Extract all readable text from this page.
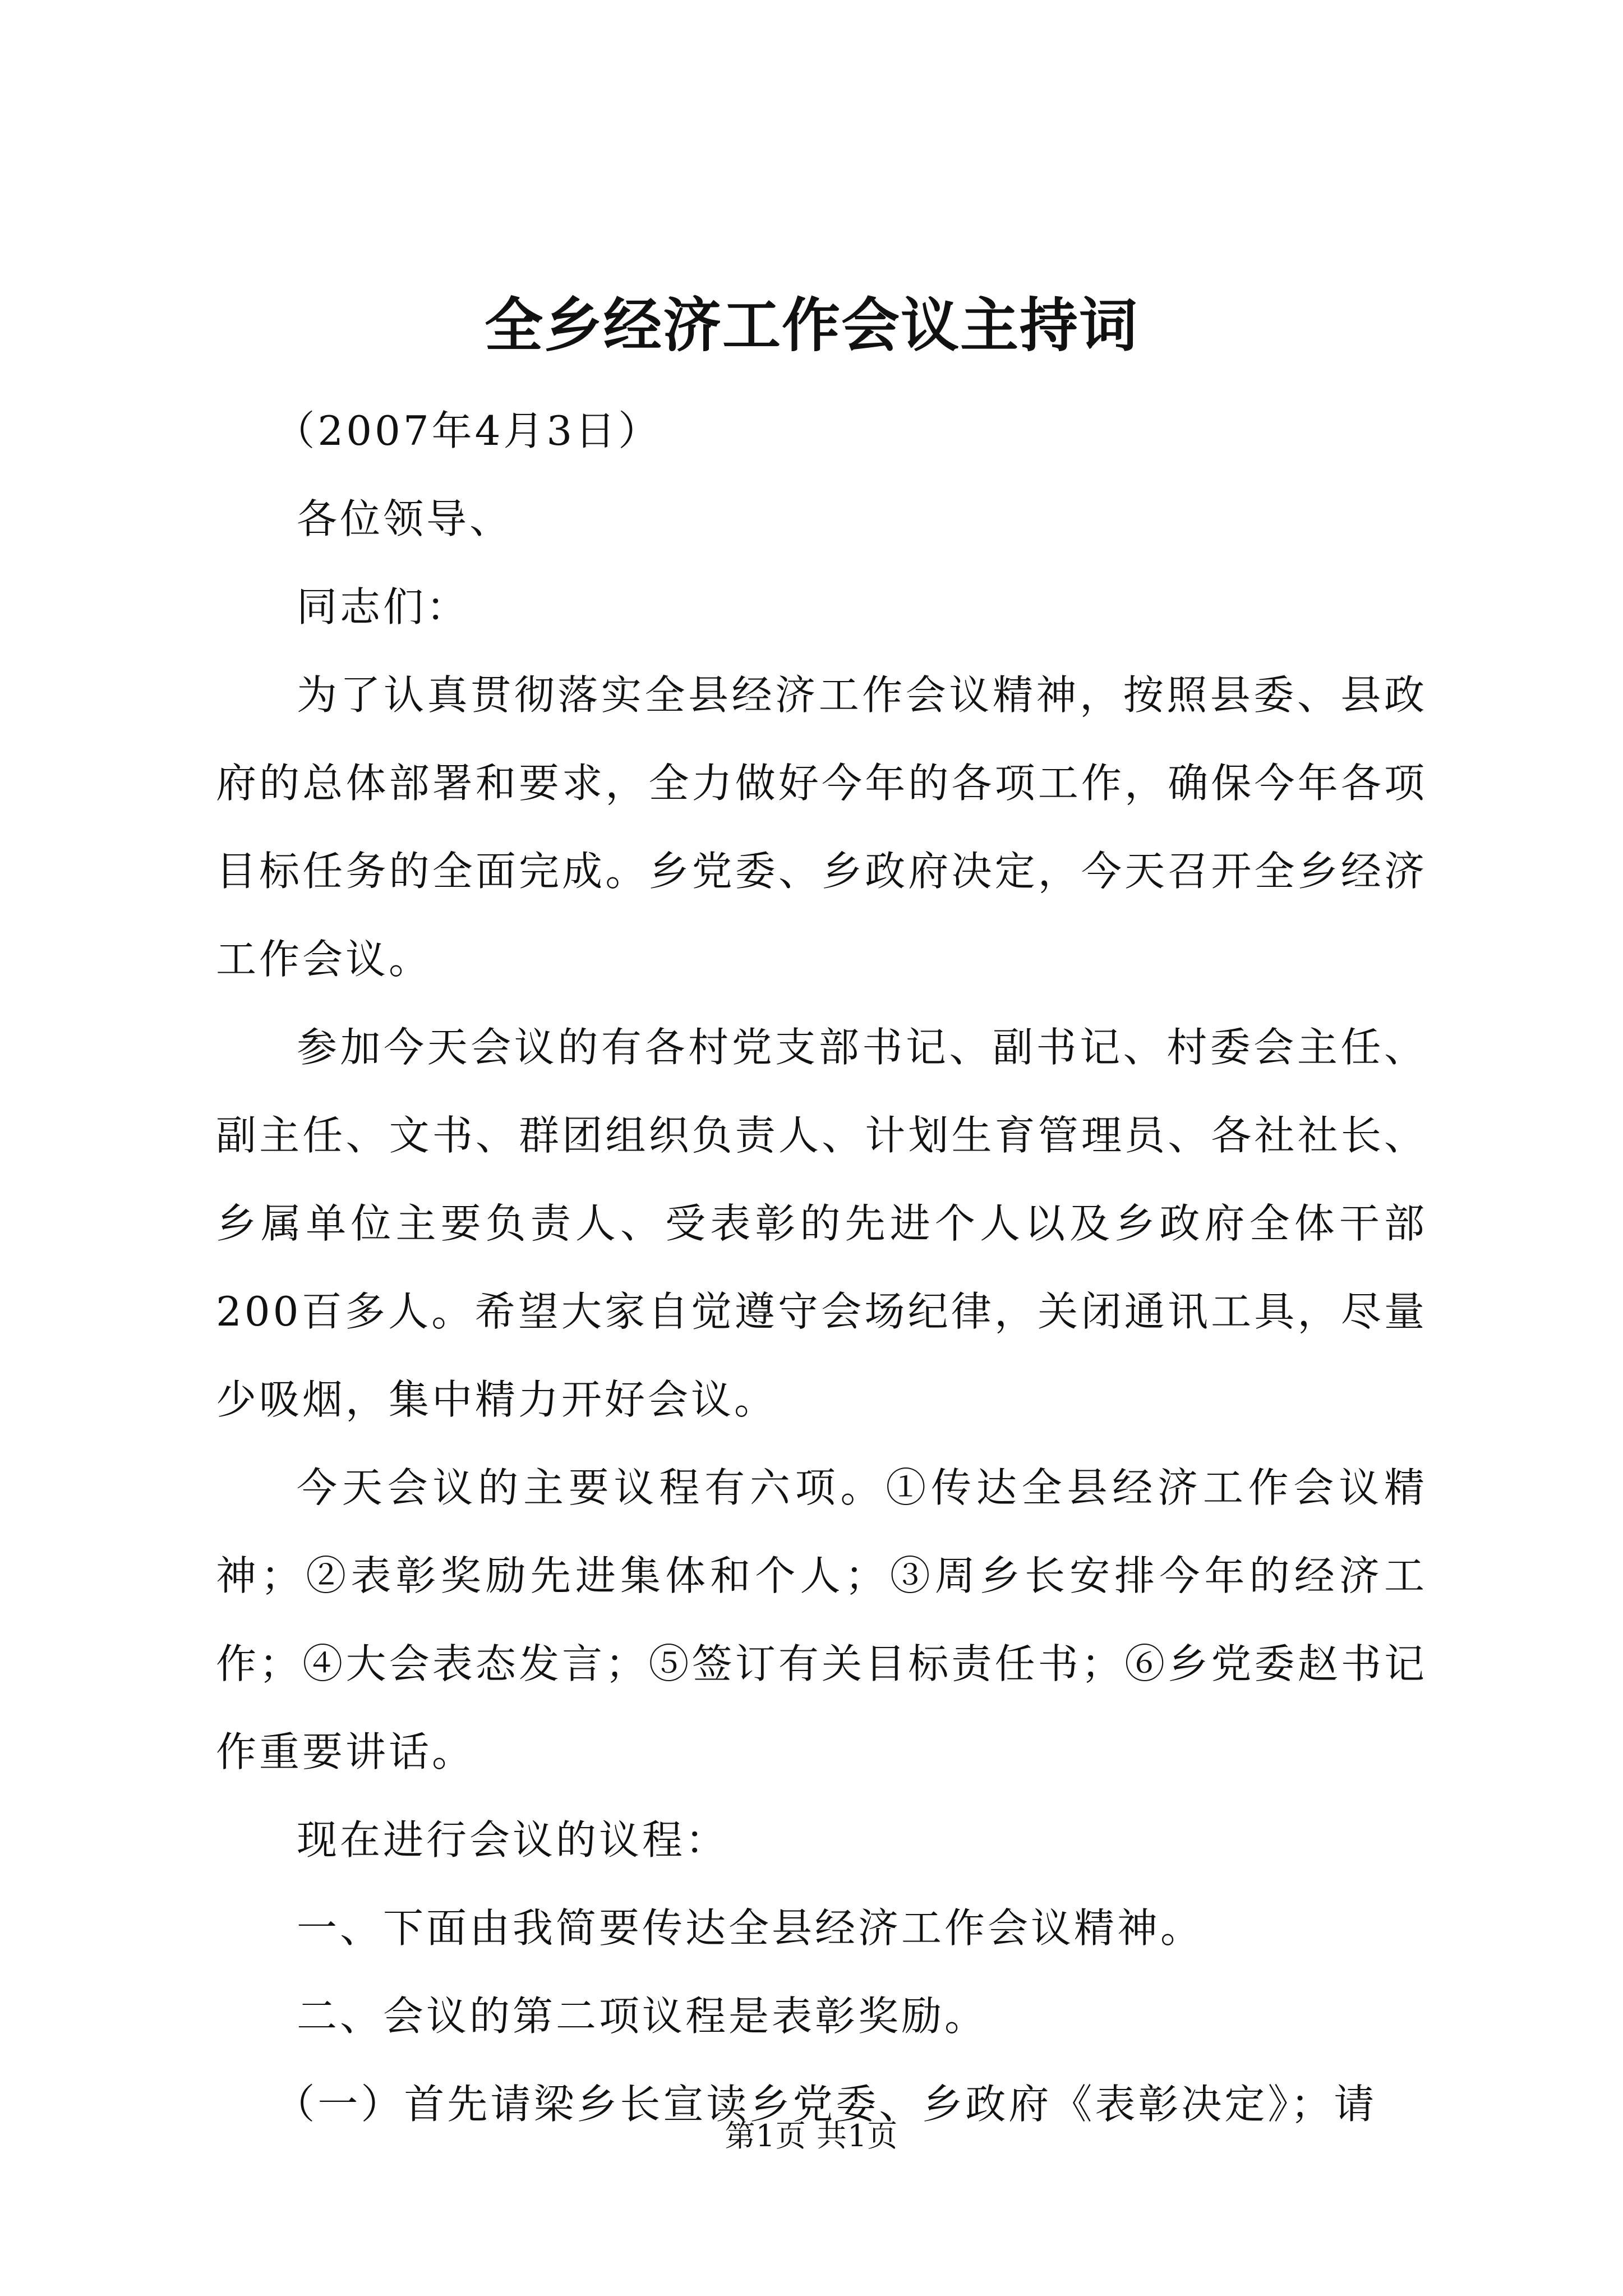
全乡经济工作会议主持词

（2007年4月3日）

各位领导、

同志们：

为了认真贯彻落实全县经济工作会议精神，按照县委、县政府的总体部署和要求，全力做好今年的各项工作，确保今年各项目标任务的全面完成。乡党委、乡政府决定，今天召开全乡经济工作会议。

参加今天会议的有各村党支部书记、副书记、村委会主任、副主任、文书、群团组织负责人、计划生育管理员、各社社长、乡属单位主要负责人、受表彰的先进个人以及乡政府全体干部200百多人。希望大家自觉遵守会场纪律，关闭通讯工具，尽量少吸烟，集中精力开好会议。

今天会议的主要议程有六项。①传达全县经济工作会议精神；②表彰奖励先进集体和个人；③周乡长安排今年的经济工作；④大会表态发言；⑤签订有关目标责任书；⑥乡党委赵书记作重要讲话。

现在进行会议的议程：

一、下面由我简要传达全县经济工作会议精神。

二、会议的第二项议程是表彰奖励。

（一）首先请梁乡长宣读乡党委、乡政府《表彰决定》；请

第1页 共1页
